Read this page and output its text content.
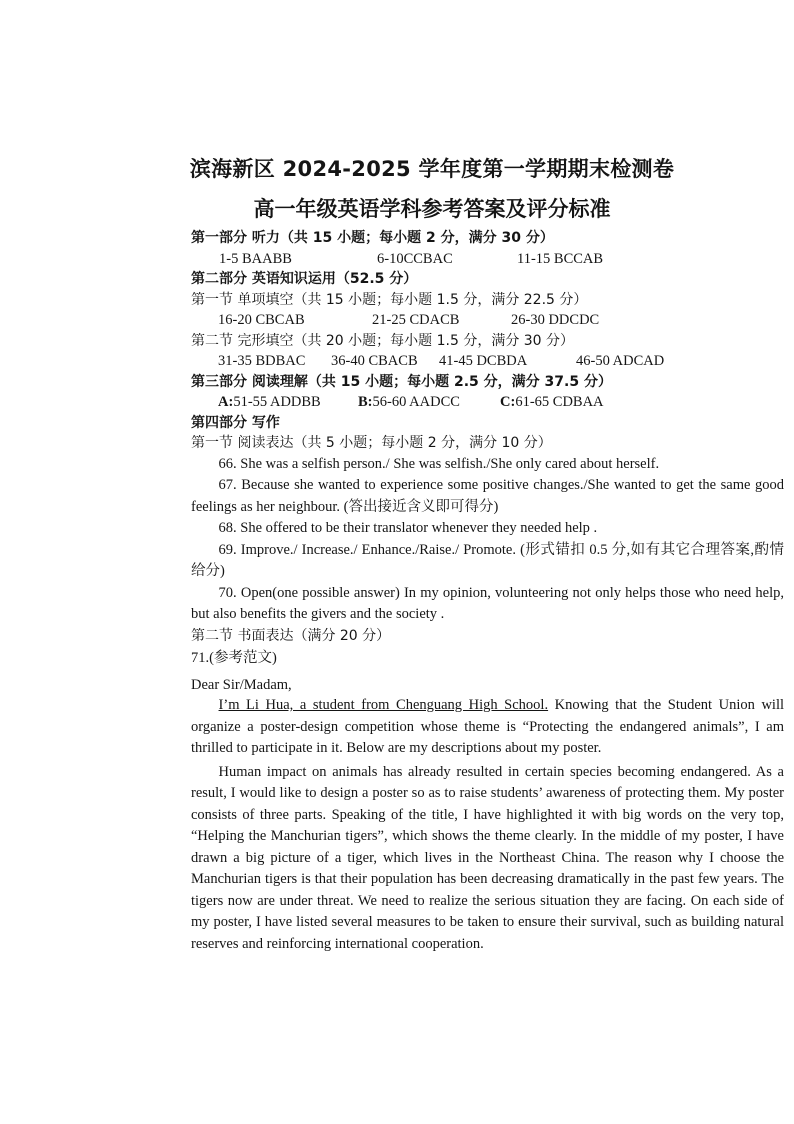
滨海新区 2024-2025 学年度第一学期期末检测卷
高一年级英语学科参考答案及评分标准
第一部分 听力（共 15 小题；每小题 2 分，满分 30 分）
1-5 BAABB	6-10CCBAC	11-15 BCCAB
第二部分 英语知识运用（52.5 分）
第一节 单项填空（共 15 小题；每小题 1.5 分，满分 22.5 分）
16-20 CBCAB	21-25 CDACB	26-30 DDCDC
第二节 完形填空（共 20 小题；每小题 1.5 分，满分 30 分）
31-35 BDBAC 36-40 CBACB 41-45 DCBDA	46-50 ADCAD
第三部分 阅读理解（共 15 小题；每小题 2.5 分，满分 37.5 分）
A:51-55 ADDBB	B:56-60 AADCC	C:61-65 CDBAA
第四部分 写作
第一节 阅读表达（共 5 小题；每小题 2 分，满分 10 分）

66. She was a selfish person./ She was selfish./She only cared about herself.

67. Because she wanted to experience some positive changes./She wanted to get the same good feelings as her neighbour. (答出接近含义即可得分)

68. She offered to be their translator whenever they needed help .

69. Improve./ Increase./ Enhance./Raise./ Promote. (形式错扣 0.5 分,如有其它合理答案,酌情给分)

70. Open(one possible answer) In my opinion, volunteering not only helps those who need help, but also benefits the givers and the society .

第二节 书面表达（满分 20 分）
71.(参考范文)
Dear Sir/Madam,

I’m Li Hua, a student from Chenguang High School. Knowing that the Student Union will organize a poster-design competition whose theme is “Protecting the endangered animals”, I am thrilled to participate in it. Below are my descriptions about my poster.

Human impact on animals has already resulted in certain species becoming endangered. As a result, I would like to design a poster so as to raise students’ awareness of protecting them. My poster consists of three parts. Speaking of the title, I have highlighted it with big words on the very top, “Helping the Manchurian tigers”, which shows the theme clearly. In the middle of my poster, I have drawn a big picture of a tiger, which lives in the Northeast China. The reason why I choose the Manchurian tigers is that their population has been decreasing dramatically in the past few years. The tigers now are under threat. We need to realize the serious situation they are facing. On each side of my poster, I have listed several measures to be taken to ensure their survival, such as building natural reserves and reinforcing international cooperation.
